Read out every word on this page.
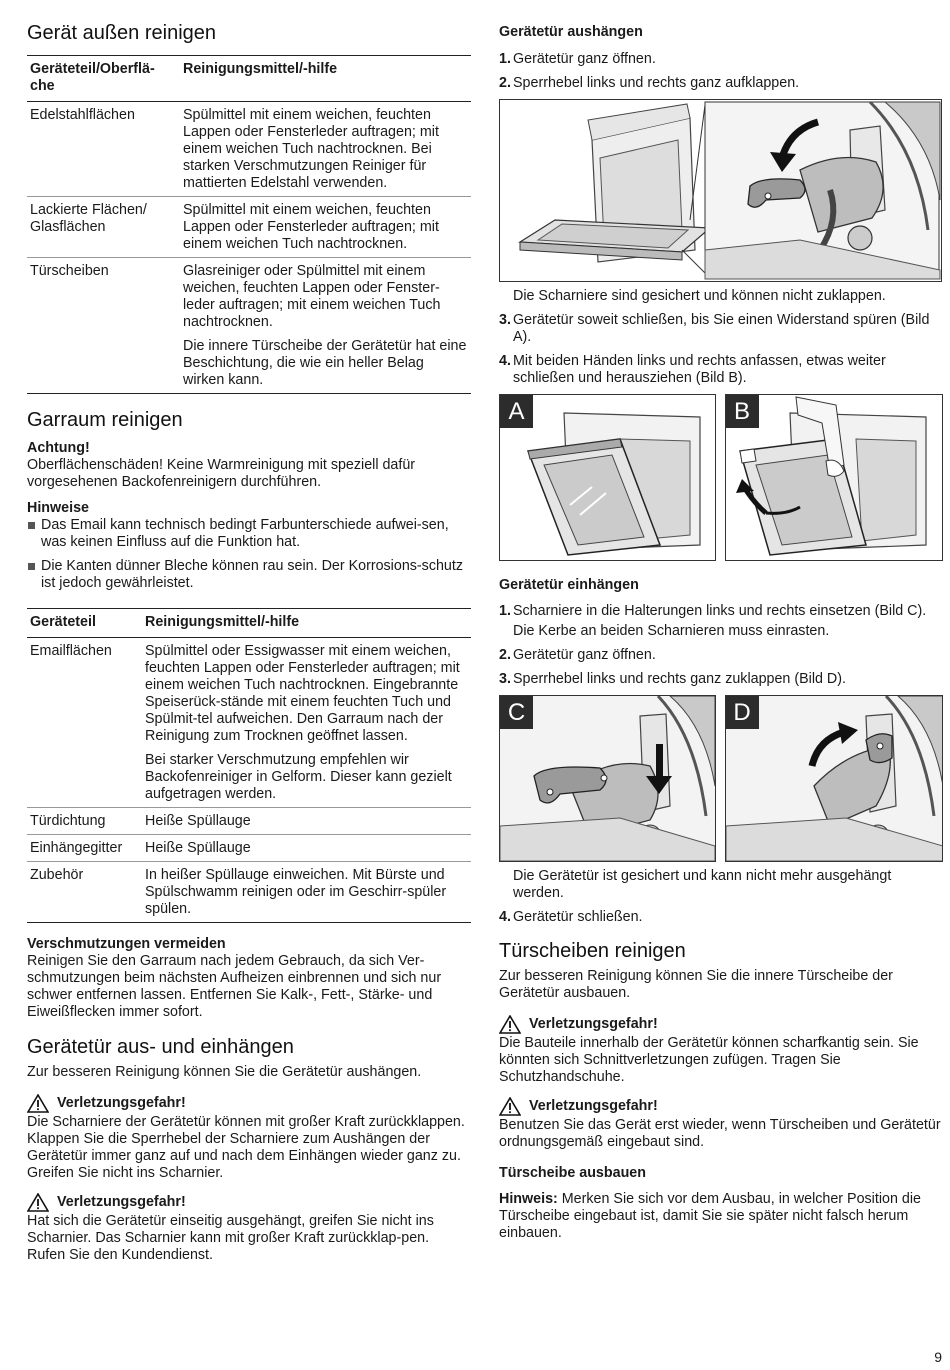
Gerät außen reinigen
Geräteteil/Oberflä-che	Reinigungsmittel/-hilfe
Edelstahlflächen	Spülmittel mit einem weichen, feuchten Lappen oder Fensterleder auftragen; mit einem weichen Tuch nachtrocknen. Bei starken Verschmutzungen Reiniger für mattierten Edelstahl verwenden.

Lackierte Flächen/ Glasflächen	Spülmittel mit einem weichen, feuchten Lappen oder Fensterleder auftragen; mit einem weichen Tuch nachtrocknen.

Türscheiben	Glasreiniger oder Spülmittel mit einem weichen, feuchten Lappen oder Fenster-leder auftragen; mit einem weichen Tuch nachtrocknen.

Die innere Türscheibe der Gerätetür hat eine Beschichtung, die wie ein heller Belag wirken kann.

Garraum reinigen
Achtung!

Oberflächenschäden! Keine Warmreinigung mit speziell dafür vorgesehenen Backofenreinigern durchführen.

Hinweise
Das Email kann technisch bedingt Farbunterschiede aufwei-sen, was keinen Einfluss auf die Funktion hat.
Die Kanten dünner Bleche können rau sein. Der Korrosions-schutz ist jedoch gewährleistet.
Geräteteil	Reinigungsmittel/-hilfe
Emailflächen	Spülmittel oder Essigwasser mit einem weichen, feuchten Lappen oder Fensterleder auftragen; mit einem weichen Tuch nachtrocknen. Eingebrannte Speiserück-stände mit einem feuchten Tuch und Spülmit-tel aufweichen. Den Garraum nach der Reinigung zum Trocknen geöffnet lassen.

Bei starker Verschmutzung empfehlen wir Backofenreiniger in Gelform. Dieser kann gezielt aufgetragen werden.

Türdichtung	Heiße Spüllauge

Einhängegitter	Heiße Spüllauge

Zubehör	In heißer Spüllauge einweichen. Mit Bürste und Spülschwamm reinigen oder im Geschirr-spüler spülen.

Verschmutzungen vermeiden

Reinigen Sie den Garraum nach jedem Gebrauch, da sich Ver-schmutzungen beim nächsten Aufheizen einbrennen und sich nur schwer entfernen lassen. Entfernen Sie Kalk-, Fett-, Stärke- und Eiweißflecken immer sofort.

Gerätetür aus- und einhängen

Zur besseren Reinigung können Sie die Gerätetür aushängen.

Verletzungsgefahr!

Die Scharniere der Gerätetür können mit großer Kraft zurückklappen. Klappen Sie die Sperrhebel der Scharniere zum Aushängen der Gerätetür immer ganz auf und nach dem Einhängen wieder ganz zu. Greifen Sie nicht ins Scharnier.

Verletzungsgefahr!

Hat sich die Gerätetür einseitig ausgehängt, greifen Sie nicht ins Scharnier. Das Scharnier kann mit großer Kraft zurückklap-pen. Rufen Sie den Kundendienst.

Gerätetür aushängen
1. Gerätetür ganz öffnen.
2. Sperrhebel links und rechts ganz aufklappen.

Die Scharniere sind gesichert und können nicht zuklappen.

3. Gerätetür soweit schließen, bis Sie einen Widerstand spüren (Bild A).
4. Mit beiden Händen links und rechts anfassen, etwas weiter schließen und herausziehen (Bild B).
A	B
Gerätetür einhängen
1. Scharniere in die Halterungen links und rechts einsetzen (Bild C).

Die Kerbe an beiden Scharnieren muss einrasten.

2. Gerätetür ganz öffnen.
3. Sperrhebel links und rechts ganz zuklappen (Bild D).
C	D

Die Gerätetür ist gesichert und kann nicht mehr ausgehängt werden.

4. Gerätetür schließen.
Türscheiben reinigen

Zur besseren Reinigung können Sie die innere Türscheibe der Gerätetür ausbauen.

Verletzungsgefahr!

Die Bauteile innerhalb der Gerätetür können scharfkantig sein. Sie könnten sich Schnittverletzungen zufügen. Tragen Sie Schutzhandschuhe.

Verletzungsgefahr!

Benutzen Sie das Gerät erst wieder, wenn Türscheiben und Gerätetür ordnungsgemäß eingebaut sind.

Türscheibe ausbauen

Hinweis: Merken Sie sich vor dem Ausbau, in welcher Position die Türscheibe eingebaut ist, damit Sie sie später nicht falsch herum einbauen.

9
